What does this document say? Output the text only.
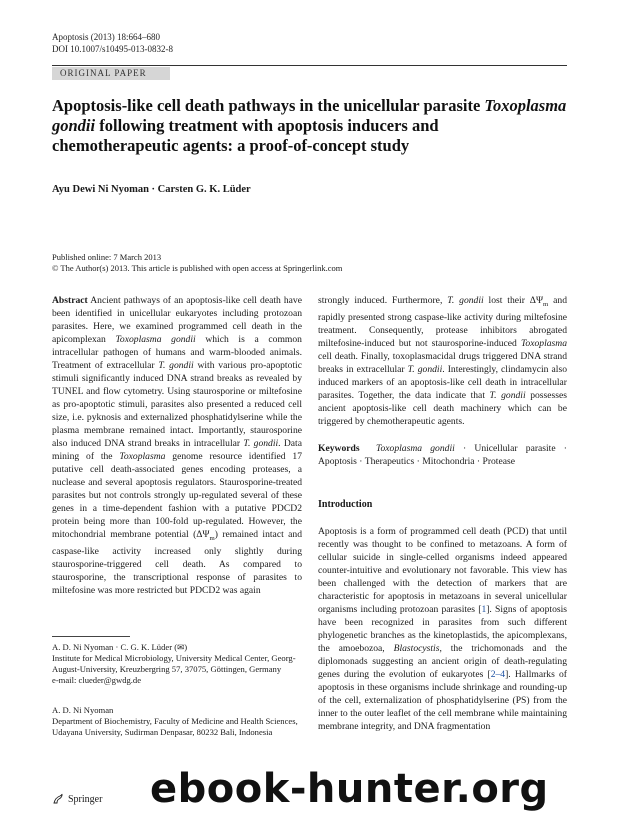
Apoptosis (2013) 18:664–680
DOI 10.1007/s10495-013-0832-8
ORIGINAL PAPER
Apoptosis-like cell death pathways in the unicellular parasite Toxoplasma gondii following treatment with apoptosis inducers and chemotherapeutic agents: a proof-of-concept study
Ayu Dewi Ni Nyoman · Carsten G. K. Lüder
Published online: 7 March 2013
© The Author(s) 2013. This article is published with open access at Springerlink.com

Abstract Ancient pathways of an apoptosis-like cell death have been identified in unicellular eukaryotes including protozoan parasites. Here, we examined programmed cell death in the apicomplexan Toxoplasma gondii which is a common intracellular pathogen of humans and warm-blooded animals. Treatment of extracellular T. gondii with various pro-apoptotic stimuli significantly induced DNA strand breaks as revealed by TUNEL and flow cytometry. Using staurosporine or miltefosine as pro-apoptotic stimuli, parasites also presented a reduced cell size, i.e. pyknosis and externalized phosphatidylserine while the plasma membrane remained intact. Importantly, staurosporine also induced DNA strand breaks in intracellular T. gondii. Data mining of the Toxoplasma genome resource identified 17 putative cell death-associated genes encoding proteases, a nuclease and several apoptosis regulators. Staurosporine-treated parasites but not controls strongly up-regulated several of these genes in a time-dependent fashion with a putative PDCD2 protein being more than 100-fold up-regulated. However, the mitochondrial membrane potential $(\Delta\Psi_m)$ remained intact and caspase-like activity increased only slightly during staurosporine-triggered cell death. As compared to staurosporine, the transcriptional response of parasites to miltefosine was more restricted but PDCD2 was again

strongly induced. Furthermore, T. gondii lost their $\Delta\Psi_m$ and rapidly presented strong caspase-like activity during miltefosine treatment. Consequently, protease inhibitors abrogated miltefosine-induced but not staurosporine-induced Toxoplasma cell death. Finally, toxoplasmacidal drugs triggered DNA strand breaks in extracellular T. gondii. Interestingly, clindamycin also induced markers of an apoptosis-like cell death in intracellular parasites. Together, the data indicate that T. gondii possesses ancient apoptosis-like cell death machinery which can be triggered by chemotherapeutic agents.

Keywords Toxoplasma gondii · Unicellular parasite · Apoptosis · Therapeutics · Mitochondria · Protease

Introduction

Apoptosis is a form of programmed cell death (PCD) that until recently was thought to be confined to metazoans. A form of cellular suicide in single-celled organisms indeed appeared counter-intuitive and evolutionary not favorable. This view has been challenged with the detection of markers that are characteristic for apoptosis in metazoans in several unicellular organisms including protozoan parasites [1]. Signs of apoptosis have been recognized in parasites from such different phylogenetic branches as the kinetoplastids, the apicomplexans, the amoebozoa, Blastocystis, the trichomonads and the diplomonads suggesting an ancient origin of death-regulating genes during the evolution of eukaryotes [2–4]. Hallmarks of apoptosis in these organisms include shrinkage and rounding-up of the cell, externalization of phosphatidylserine (PS) from the inner to the outer leaflet of the cell membrane while maintaining membrane integrity, and DNA fragmentation

A. D. Ni Nyoman · C. G. K. Lüder (✉)
Institute for Medical Microbiology, University Medical Center, Georg-August-University, Kreuzbergring 57, 37075, Göttingen, Germany
e-mail: clueder@gwdg.de
A. D. Ni Nyoman
Department of Biochemistry, Faculty of Medicine and Health Sciences, Udayana University, Sudirman Denpasar, 80232 Bali, Indonesia
Springer ebook-hunter.org
